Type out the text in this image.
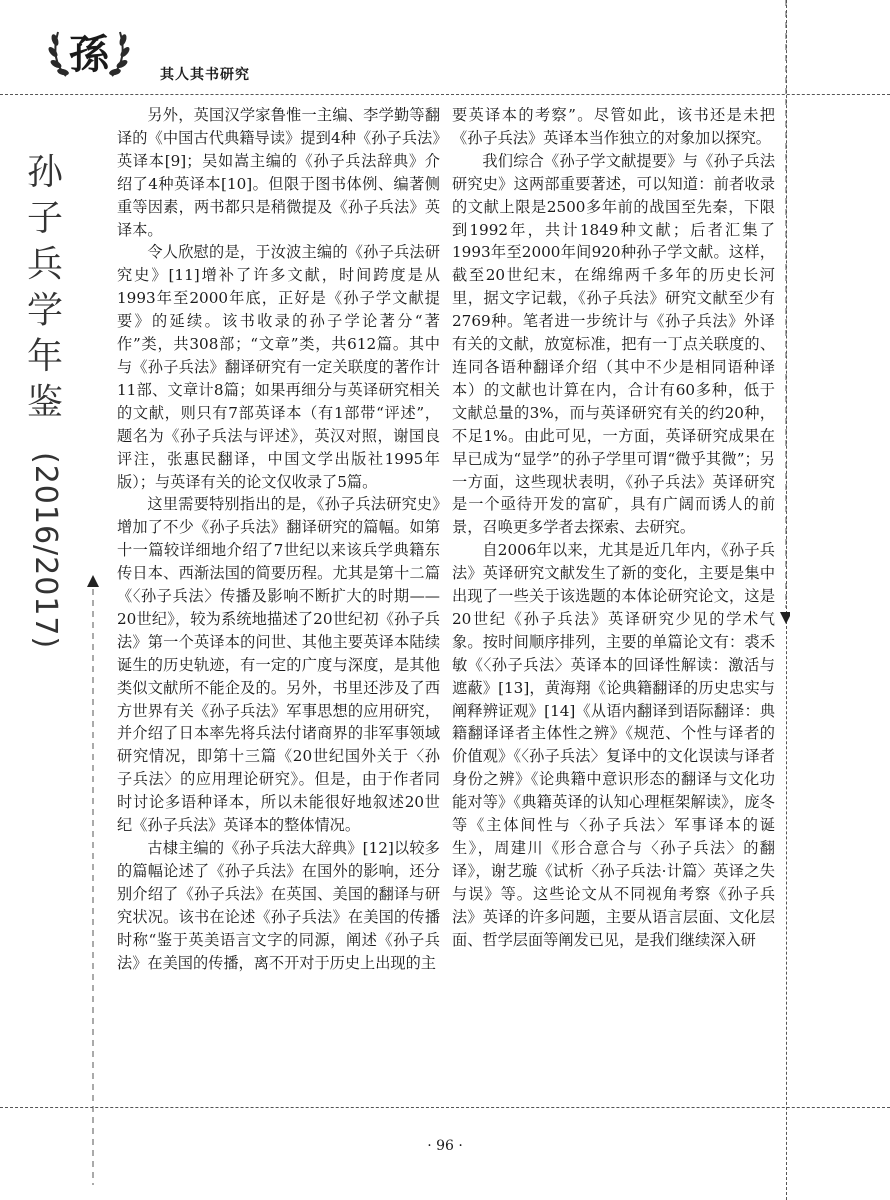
孫	其人其书研究
孙
子
兵
学
年
鉴
(2016/2017)

另外，英国汉学家鲁惟一主编、李学勤等翻译的《中国古代典籍导读》提到4种《孙子兵法》英译本[9]；吴如嵩主编的《孙子兵法辞典》介绍了4种英译本[10]。但限于图书体例、编著侧重等因素，两书都只是稍微提及《孙子兵法》英译本。

令人欣慰的是，于汝波主编的《孙子兵法研究史》[11]增补了许多文献，时间跨度是从1993年至2000年底，正好是《孙子学文献提要》的延续。该书收录的孙子学论著分“著作”类，共308部；“文章”类，共612篇。其中与《孙子兵法》翻译研究有一定关联度的著作计11部、文章计8篇；如果再细分与英译研究相关的文献，则只有7部英译本（有1部带“评述”，题名为《孙子兵法与评述》，英汉对照，谢国良评注，张惠民翻译，中国文学出版社1995年版）；与英译有关的论文仅收录了5篇。

这里需要特别指出的是，《孙子兵法研究史》增加了不少《孙子兵法》翻译研究的篇幅。如第十一篇较详细地介绍了7世纪以来该兵学典籍东传日本、西渐法国的简要历程。尤其是第十二篇《〈孙子兵法〉传播及影响不断扩大的时期——20世纪》，较为系统地描述了20世纪初《孙子兵法》第一个英译本的问世、其他主要英译本陆续诞生的历史轨迹，有一定的广度与深度，是其他类似文献所不能企及的。另外，书里还涉及了西方世界有关《孙子兵法》军事思想的应用研究，并介绍了日本率先将兵法付诸商界的非军事领域研究情况，即第十三篇《20世纪国外关于〈孙子兵法〉的应用理论研究》。但是，由于作者同时讨论多语种译本，所以未能很好地叙述20世纪《孙子兵法》英译本的整体情况。

古棣主编的《孙子兵法大辞典》[12]以较多的篇幅论述了《孙子兵法》在国外的影响，还分别介绍了《孙子兵法》在英国、美国的翻译与研究状况。该书在论述《孙子兵法》在美国的传播时称“鉴于英美语言文字的同源，阐述《孙子兵法》在美国的传播，离不开对于历史上出现的主

要英译本的考察”。尽管如此，该书还是未把《孙子兵法》英译本当作独立的对象加以探究。

我们综合《孙子学文献提要》与《孙子兵法研究史》这两部重要著述，可以知道：前者收录的文献上限是2500多年前的战国至先秦，下限到1992年，共计1849种文献；后者汇集了1993年至2000年间920种孙子学文献。这样，截至20世纪末，在绵绵两千多年的历史长河里，据文字记载，《孙子兵法》研究文献至少有2769种。笔者进一步统计与《孙子兵法》外译有关的文献，放宽标准，把有一丁点关联度的、连同各语种翻译介绍（其中不少是相同语种译本）的文献也计算在内，合计有60多种，低于文献总量的3%，而与英译研究有关的约20种，不足1%。由此可见，一方面，英译研究成果在早已成为“显学”的孙子学里可谓“微乎其微”；另一方面，这些现状表明，《孙子兵法》英译研究是一个亟待开发的富矿，具有广阔而诱人的前景，召唤更多学者去探索、去研究。

自2006年以来，尤其是近几年内，《孙子兵法》英译研究文献发生了新的变化，主要是集中出现了一些关于该选题的本体论研究论文，这是20世纪《孙子兵法》英译研究少见的学术气象。按时间顺序排列，主要的单篇论文有：裘禾敏《〈孙子兵法〉英译本的回译性解读：激活与遮蔽》[13]，黄海翔《论典籍翻译的历史忠实与阐释辨证观》[14]《从语内翻译到语际翻译：典籍翻译译者主体性之辨》《规范、个性与译者的价值观》《〈孙子兵法〉复译中的文化误读与译者身份之辨》《论典籍中意识形态的翻译与文化功能对等》《典籍英译的认知心理框架解读》，庞冬等《主体间性与〈孙子兵法〉军事译本的诞生》，周建川《形合意合与〈孙子兵法〉的翻译》，谢艺璇《试析〈孙子兵法·计篇〉英译之失与误》等。这些论文从不同视角考察《孙子兵法》英译的许多问题，主要从语言层面、文化层面、哲学层面等阐发已见，是我们继续深入研

· 96 ·
